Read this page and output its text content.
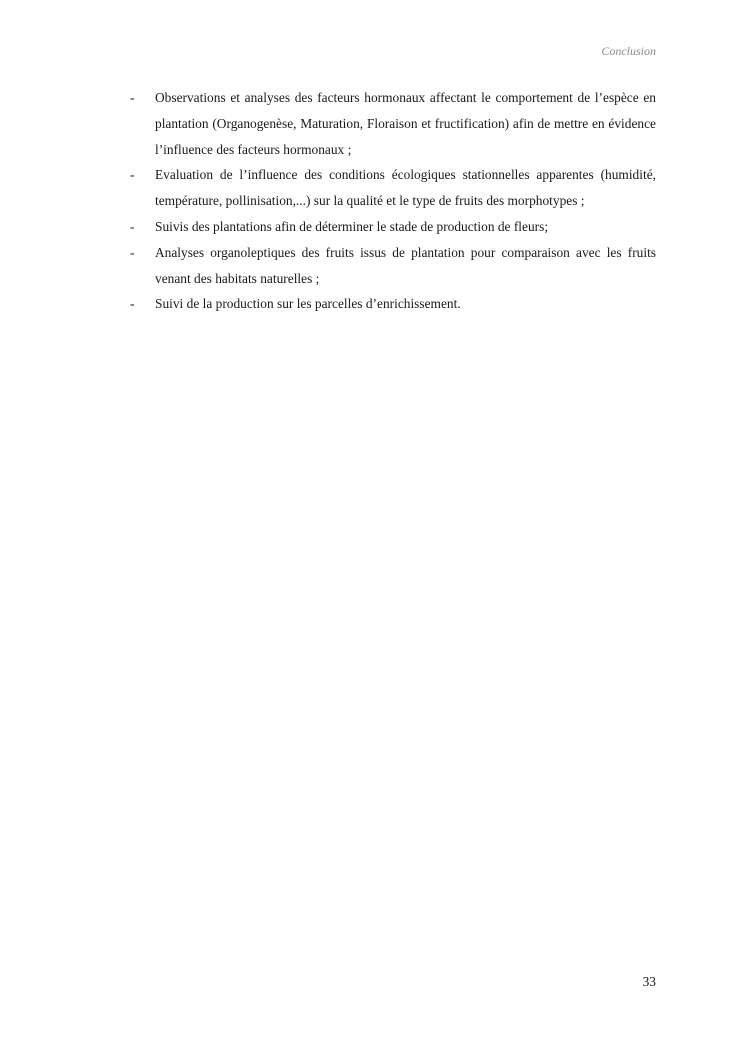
Conclusion
- Observations et analyses des facteurs hormonaux affectant le comportement de l’espèce en plantation (Organogenèse, Maturation, Floraison et fructification) afin de mettre en évidence l’influence des facteurs hormonaux ;
- Evaluation de l’influence des conditions écologiques stationnelles apparentes (humidité, température, pollinisation,...) sur la qualité et le type de fruits des morphotypes ;
- Suivis des plantations afin de déterminer le stade de production de fleurs;
- Analyses organoleptiques des fruits issus de plantation pour comparaison avec les fruits venant des habitats naturelles ;
- Suivi de la production sur les parcelles d’enrichissement.
33
